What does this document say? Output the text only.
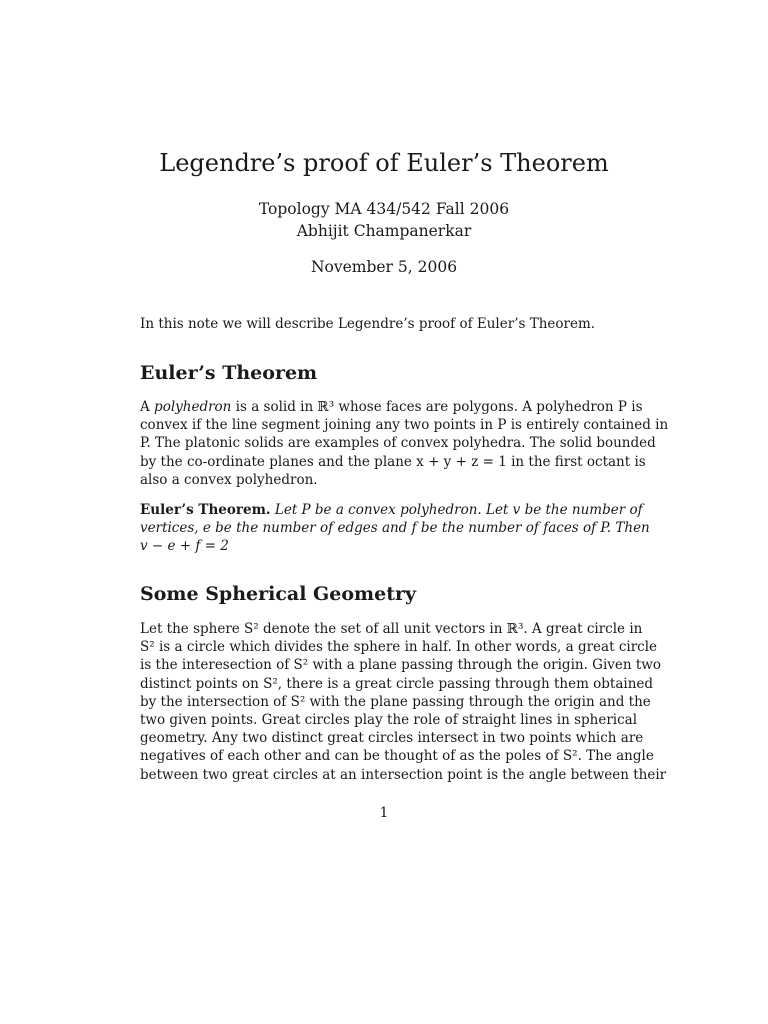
Legendre’s proof of Euler’s Theorem
Topology MA 434/542 Fall 2006
Abhijit Champanerkar
November 5, 2006
In this note we will describe Legendre’s proof of Euler’s Theorem.
Euler’s Theorem
A polyhedron is a solid in ℝ³ whose faces are polygons. A polyhedron P is
convex if the line segment joining any two points in P is entirely contained in
P. The platonic solids are examples of convex polyhedra. The solid bounded
by the co-ordinate planes and the plane x + y + z = 1 in the first octant is
also a convex polyhedron.
Euler’s Theorem. Let P be a convex polyhedron. Let v be the number of
vertices, e be the number of edges and f be the number of faces of P. Then
v − e + f = 2
Some Spherical Geometry
Let the sphere S² denote the set of all unit vectors in ℝ³. A great circle in
S² is a circle which divides the sphere in half. In other words, a great circle
is the interesection of S² with a plane passing through the origin. Given two
distinct points on S², there is a great circle passing through them obtained
by the intersection of S² with the plane passing through the origin and the
two given points. Great circles play the role of straight lines in spherical
geometry. Any two distinct great circles intersect in two points which are
negatives of each other and can be thought of as the poles of S². The angle
between two great circles at an intersection point is the angle between their
1
